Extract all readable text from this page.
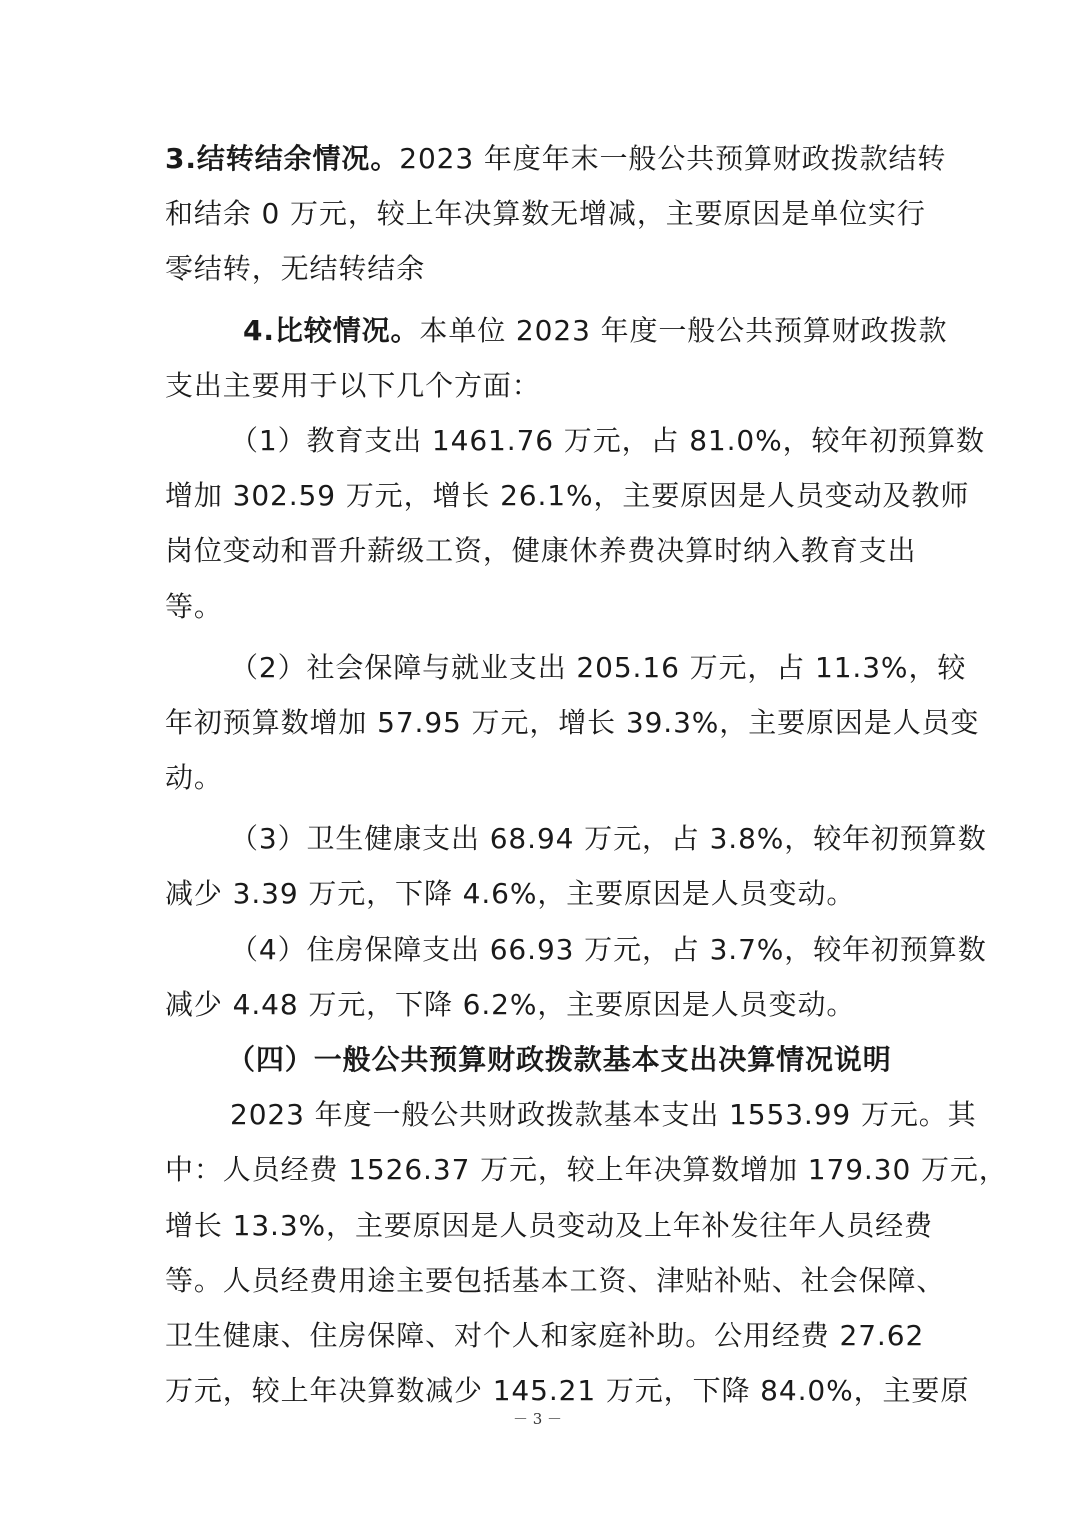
3.结转结余情况。2023 年度年末一般公共预算财政拨款结转
和结余 0 万元，较上年决算数无增减，主要原因是单位实行
零结转，无结转结余
4.比较情况。本单位 2023 年度一般公共预算财政拨款
支出主要用于以下几个方面：
（1）教育支出 1461.76 万元，占 81.0%，较年初预算数
增加 302.59 万元，增长 26.1%，主要原因是人员变动及教师
岗位变动和晋升薪级工资，健康休养费决算时纳入教育支出
等。
（2）社会保障与就业支出 205.16 万元，占 11.3%，较
年初预算数增加 57.95 万元，增长 39.3%，主要原因是人员变
动。
（3）卫生健康支出 68.94 万元，占 3.8%，较年初预算数
减少 3.39 万元，下降 4.6%，主要原因是人员变动。
（4）住房保障支出 66.93 万元，占 3.7%，较年初预算数
减少 4.48 万元，下降 6.2%，主要原因是人员变动。
（四）一般公共预算财政拨款基本支出决算情况说明
2023 年度一般公共财政拨款基本支出 1553.99 万元。其
中：人员经费 1526.37 万元，较上年决算数增加 179.30 万元，
增长 13.3%，主要原因是人员变动及上年补发往年人员经费
等。人员经费用途主要包括基本工资、津贴补贴、社会保障、
卫生健康、住房保障、对个人和家庭补助。公用经费 27.62
万元，较上年决算数减少 145.21 万元，下降 84.0%，主要原
－ 3 －
